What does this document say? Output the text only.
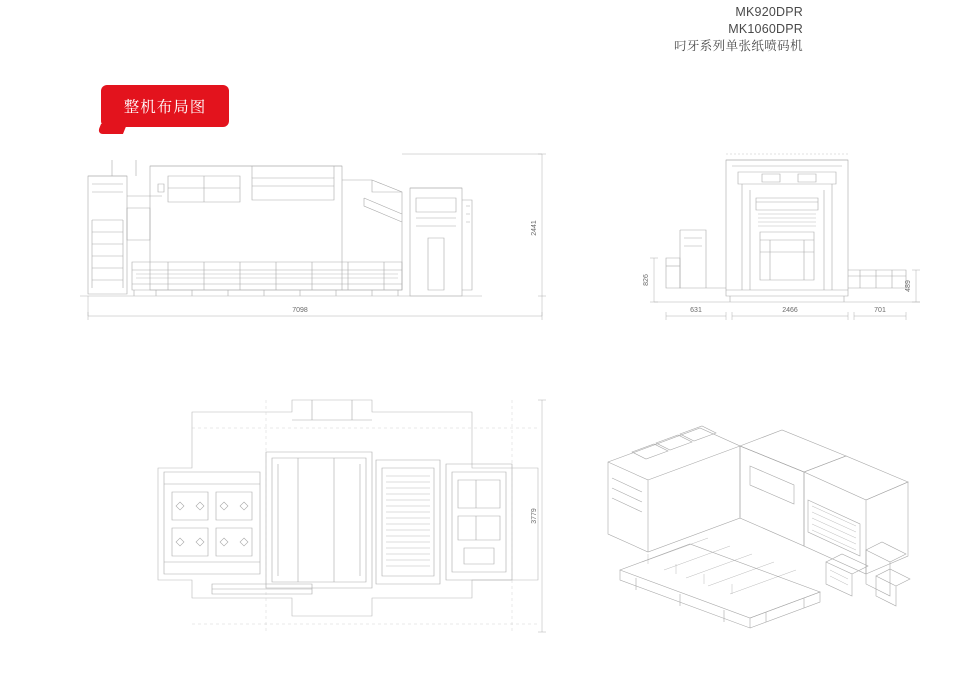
MK920DPR
MK1060DPR
叼牙系列单张纸喷码机
整机布局图
7098
2441
631	2466	701
826
489
3779
